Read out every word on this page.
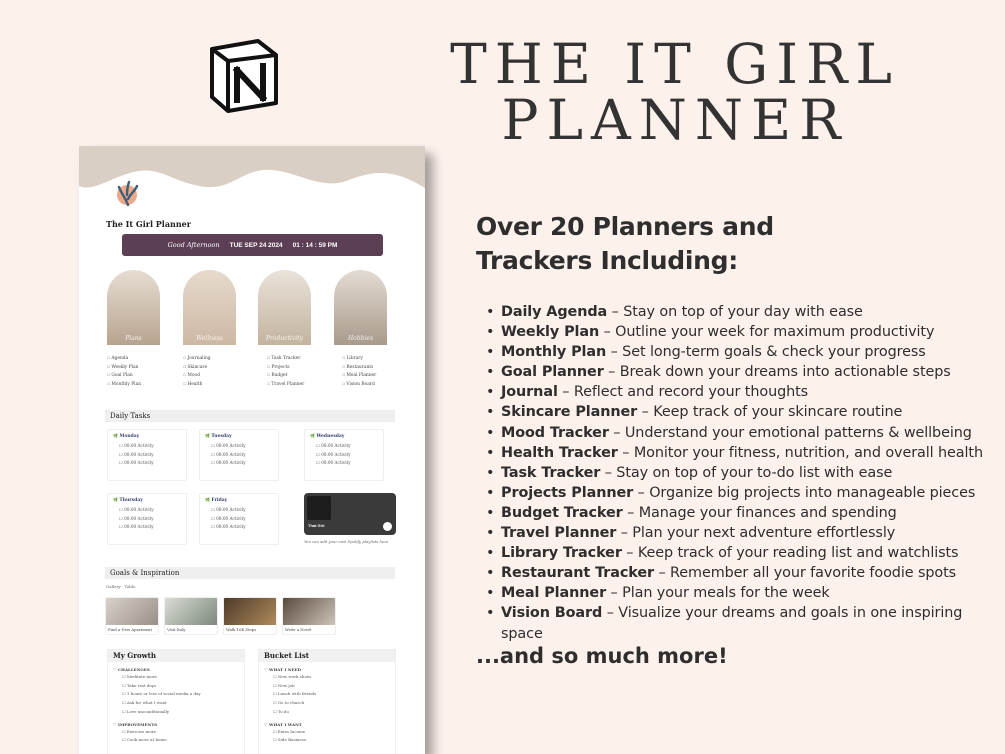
THE IT GIRL
PLANNER
The It Girl Planner
Good Afternoon TUE SEP 24 2024 01 : 14 : 59 PM
Plans	Wellness	Productivity	Hobbies
▫ Agenda
▫ Weekly Plan
▫ Goal Plan
▫ Monthly Plan
▫ Journaling
▫ Skincare
▫ Mood
▫ Health
▫ Task Tracker
▫ Projects
▫ Budget
▫ Travel Planner
▫ Library
▫ Restaurants
▫ Meal Planner
▫ Vision Board
Daily Tasks
🌿 Monday
☐ 00:00 Activity
☐ 00:00 Activity
☐ 00:00 Activity
🌿 Tuesday
☐ 00:00 Activity
☐ 00:00 Activity
☐ 00:00 Activity
🌿 Wednesday
☐ 00:00 Activity
☐ 00:00 Activity
☐ 00:00 Activity
🌿 Thursday
☐ 00:00 Activity
☐ 00:00 Activity
☐ 00:00 Activity
🌿 Friday
☐ 00:00 Activity
☐ 00:00 Activity
☐ 00:00 Activity	That Girl
You can add your own Spotify playlists here.
Goals & Inspiration
Gallery Table
Find a New Apartment	Visit Italy	Walk 10K Steps	Write a Novel
My Growth
♡ CHALLENGES
☐ Meditate more
☐ Take rest days
☐ 1 hours or less of social media a day
☐ Ask for what I want
☐ Love unconditionally
♡ IMPROVEMENTS
☐ Exercise more
☐ Cook more at home
Bucket List
♡ WHAT I NEED
☐ New work shoes
☐ New job
☐ Lunch with friends
☐ Go to church
☐ To do
♡ WHAT I WANT
☐ Extra Income
☐ Side Business
Over 20 Planners and Trackers Including:
• Daily Agenda – Stay on top of your day with ease
• Weekly Plan – Outline your week for maximum productivity
• Monthly Plan – Set long-term goals & check your progress
• Goal Planner – Break down your dreams into actionable steps
• Journal – Reflect and record your thoughts
• Skincare Planner – Keep track of your skincare routine
• Mood Tracker – Understand your emotional patterns & wellbeing
• Health Tracker – Monitor your fitness, nutrition, and overall health
• Task Tracker – Stay on top of your to-do list with ease
• Projects Planner – Organize big projects into manageable pieces
• Budget Tracker – Manage your finances and spending
• Travel Planner – Plan your next adventure effortlessly
• Library Tracker – Keep track of your reading list and watchlists
• Restaurant Tracker – Remember all your favorite foodie spots
• Meal Planner – Plan your meals for the week
• Vision Board – Visualize your dreams and goals in one inspiring space
...and so much more!
